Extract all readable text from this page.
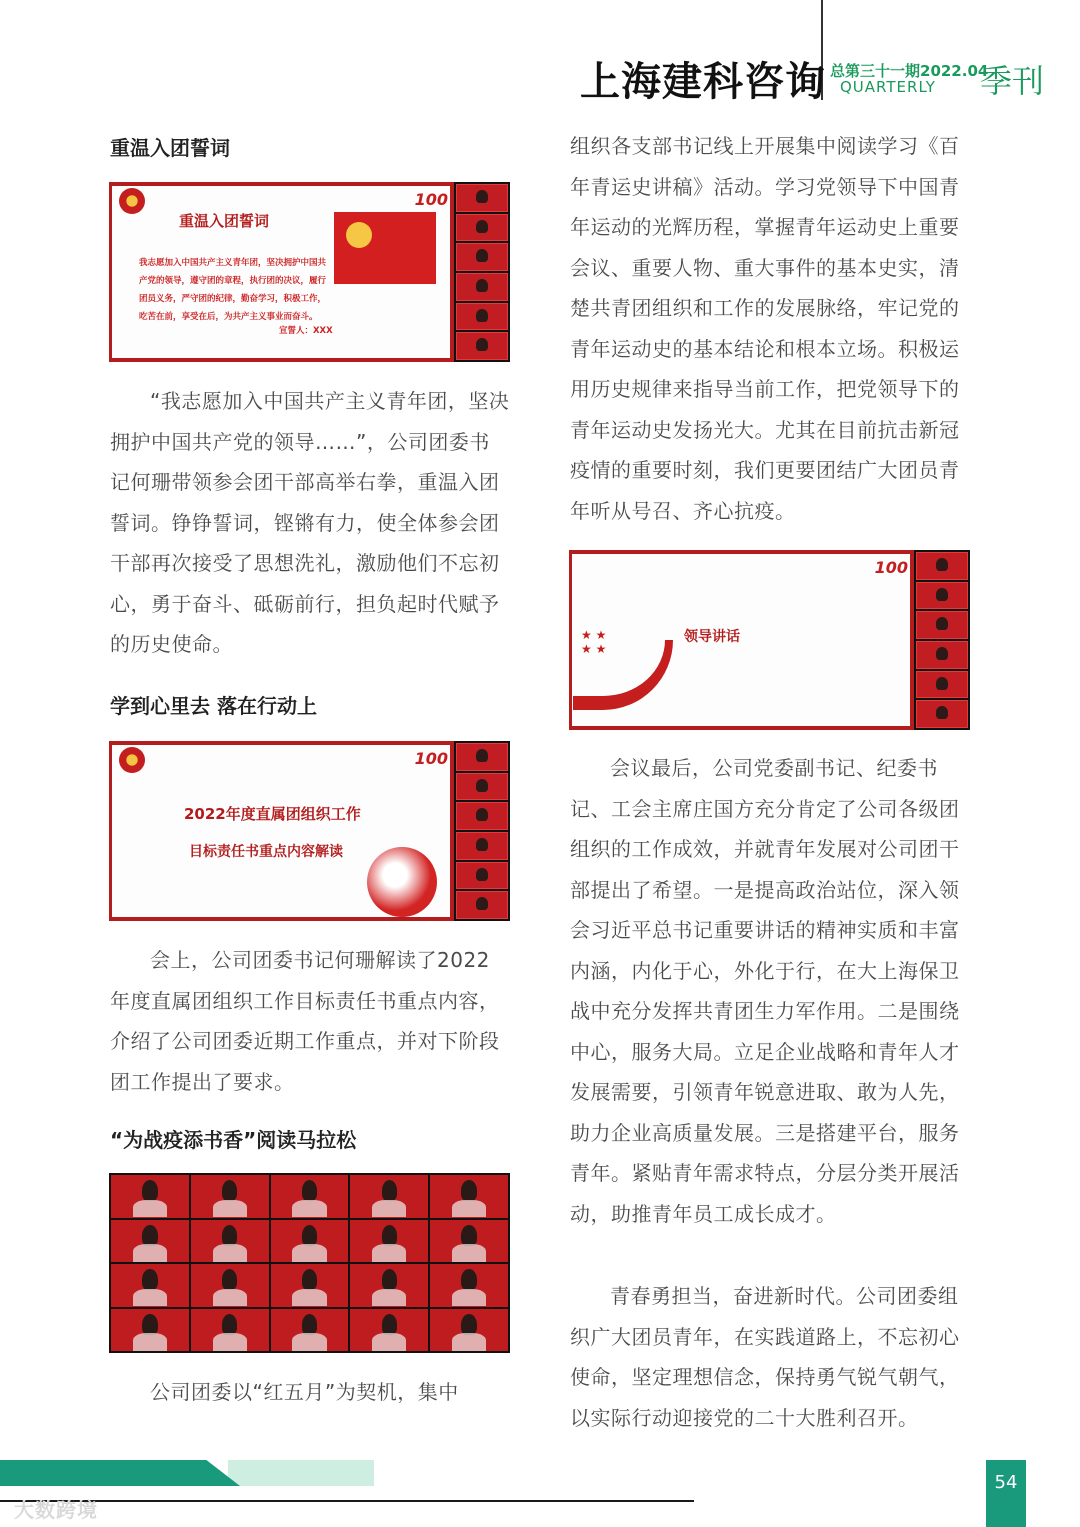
上海建科咨询 总第三十一期2022.04
QUARTERLY 季刊
重温入团誓词
重温入团誓词
我志愿加入中国共产主义青年团，坚决拥护中国共产党的领导，遵守团的章程，执行团的决议，履行团员义务，严守团的纪律，勤奋学习，积极工作，吃苦在前，享受在后，为共产主义事业而奋斗。
宣誓人：XXX
100
“我志愿加入中国共产主义青年团，坚决拥护中国共产党的领导……”，公司团委书记何珊带领参会团干部高举右拳，重温入团誓词。铮铮誓词，铿锵有力，使全体参会团干部再次接受了思想洗礼，激励他们不忘初心，勇于奋斗、砥砺前行，担负起时代赋予的历史使命。
学到心里去 落在行动上
2022年度直属团组织工作
目标责任书重点内容解读
100
会上，公司团委书记何珊解读了2022年度直属团组织工作目标责任书重点内容，介绍了公司团委近期工作重点，并对下阶段团工作提出了要求。
“为战疫添书香”阅读马拉松
公司团委以“红五月”为契机，集中
组织各支部书记线上开展集中阅读学习《百年青运史讲稿》活动。学习党领导下中国青年运动的光辉历程，掌握青年运动史上重要会议、重要人物、重大事件的基本史实，清楚共青团组织和工作的发展脉络，牢记党的青年运动史的基本结论和根本立场。积极运用历史规律来指导当前工作，把党领导下的青年运动史发扬光大。尤其在目前抗击新冠疫情的重要时刻，我们更要团结广大团员青年听从号召、齐心抗疫。
领导讲话
★ ★
★ ★
100
会议最后，公司党委副书记、纪委书记、工会主席庄国方充分肯定了公司各级团组织的工作成效，并就青年发展对公司团干部提出了希望。一是提高政治站位，深入领会习近平总书记重要讲话的精神实质和丰富内涵，内化于心，外化于行，在大上海保卫战中充分发挥共青团生力军作用。二是围绕中心，服务大局。立足企业战略和青年人才发展需要，引领青年锐意进取、敢为人先，助力企业高质量发展。三是搭建平台，服务青年。紧贴青年需求特点，分层分类开展活动，助推青年员工成长成才。
青春勇担当，奋进新时代。公司团委组织广大团员青年，在实践道路上，不忘初心使命，坚定理想信念，保持勇气锐气朝气，以实际行动迎接党的二十大胜利召开。
大数跨境
54
